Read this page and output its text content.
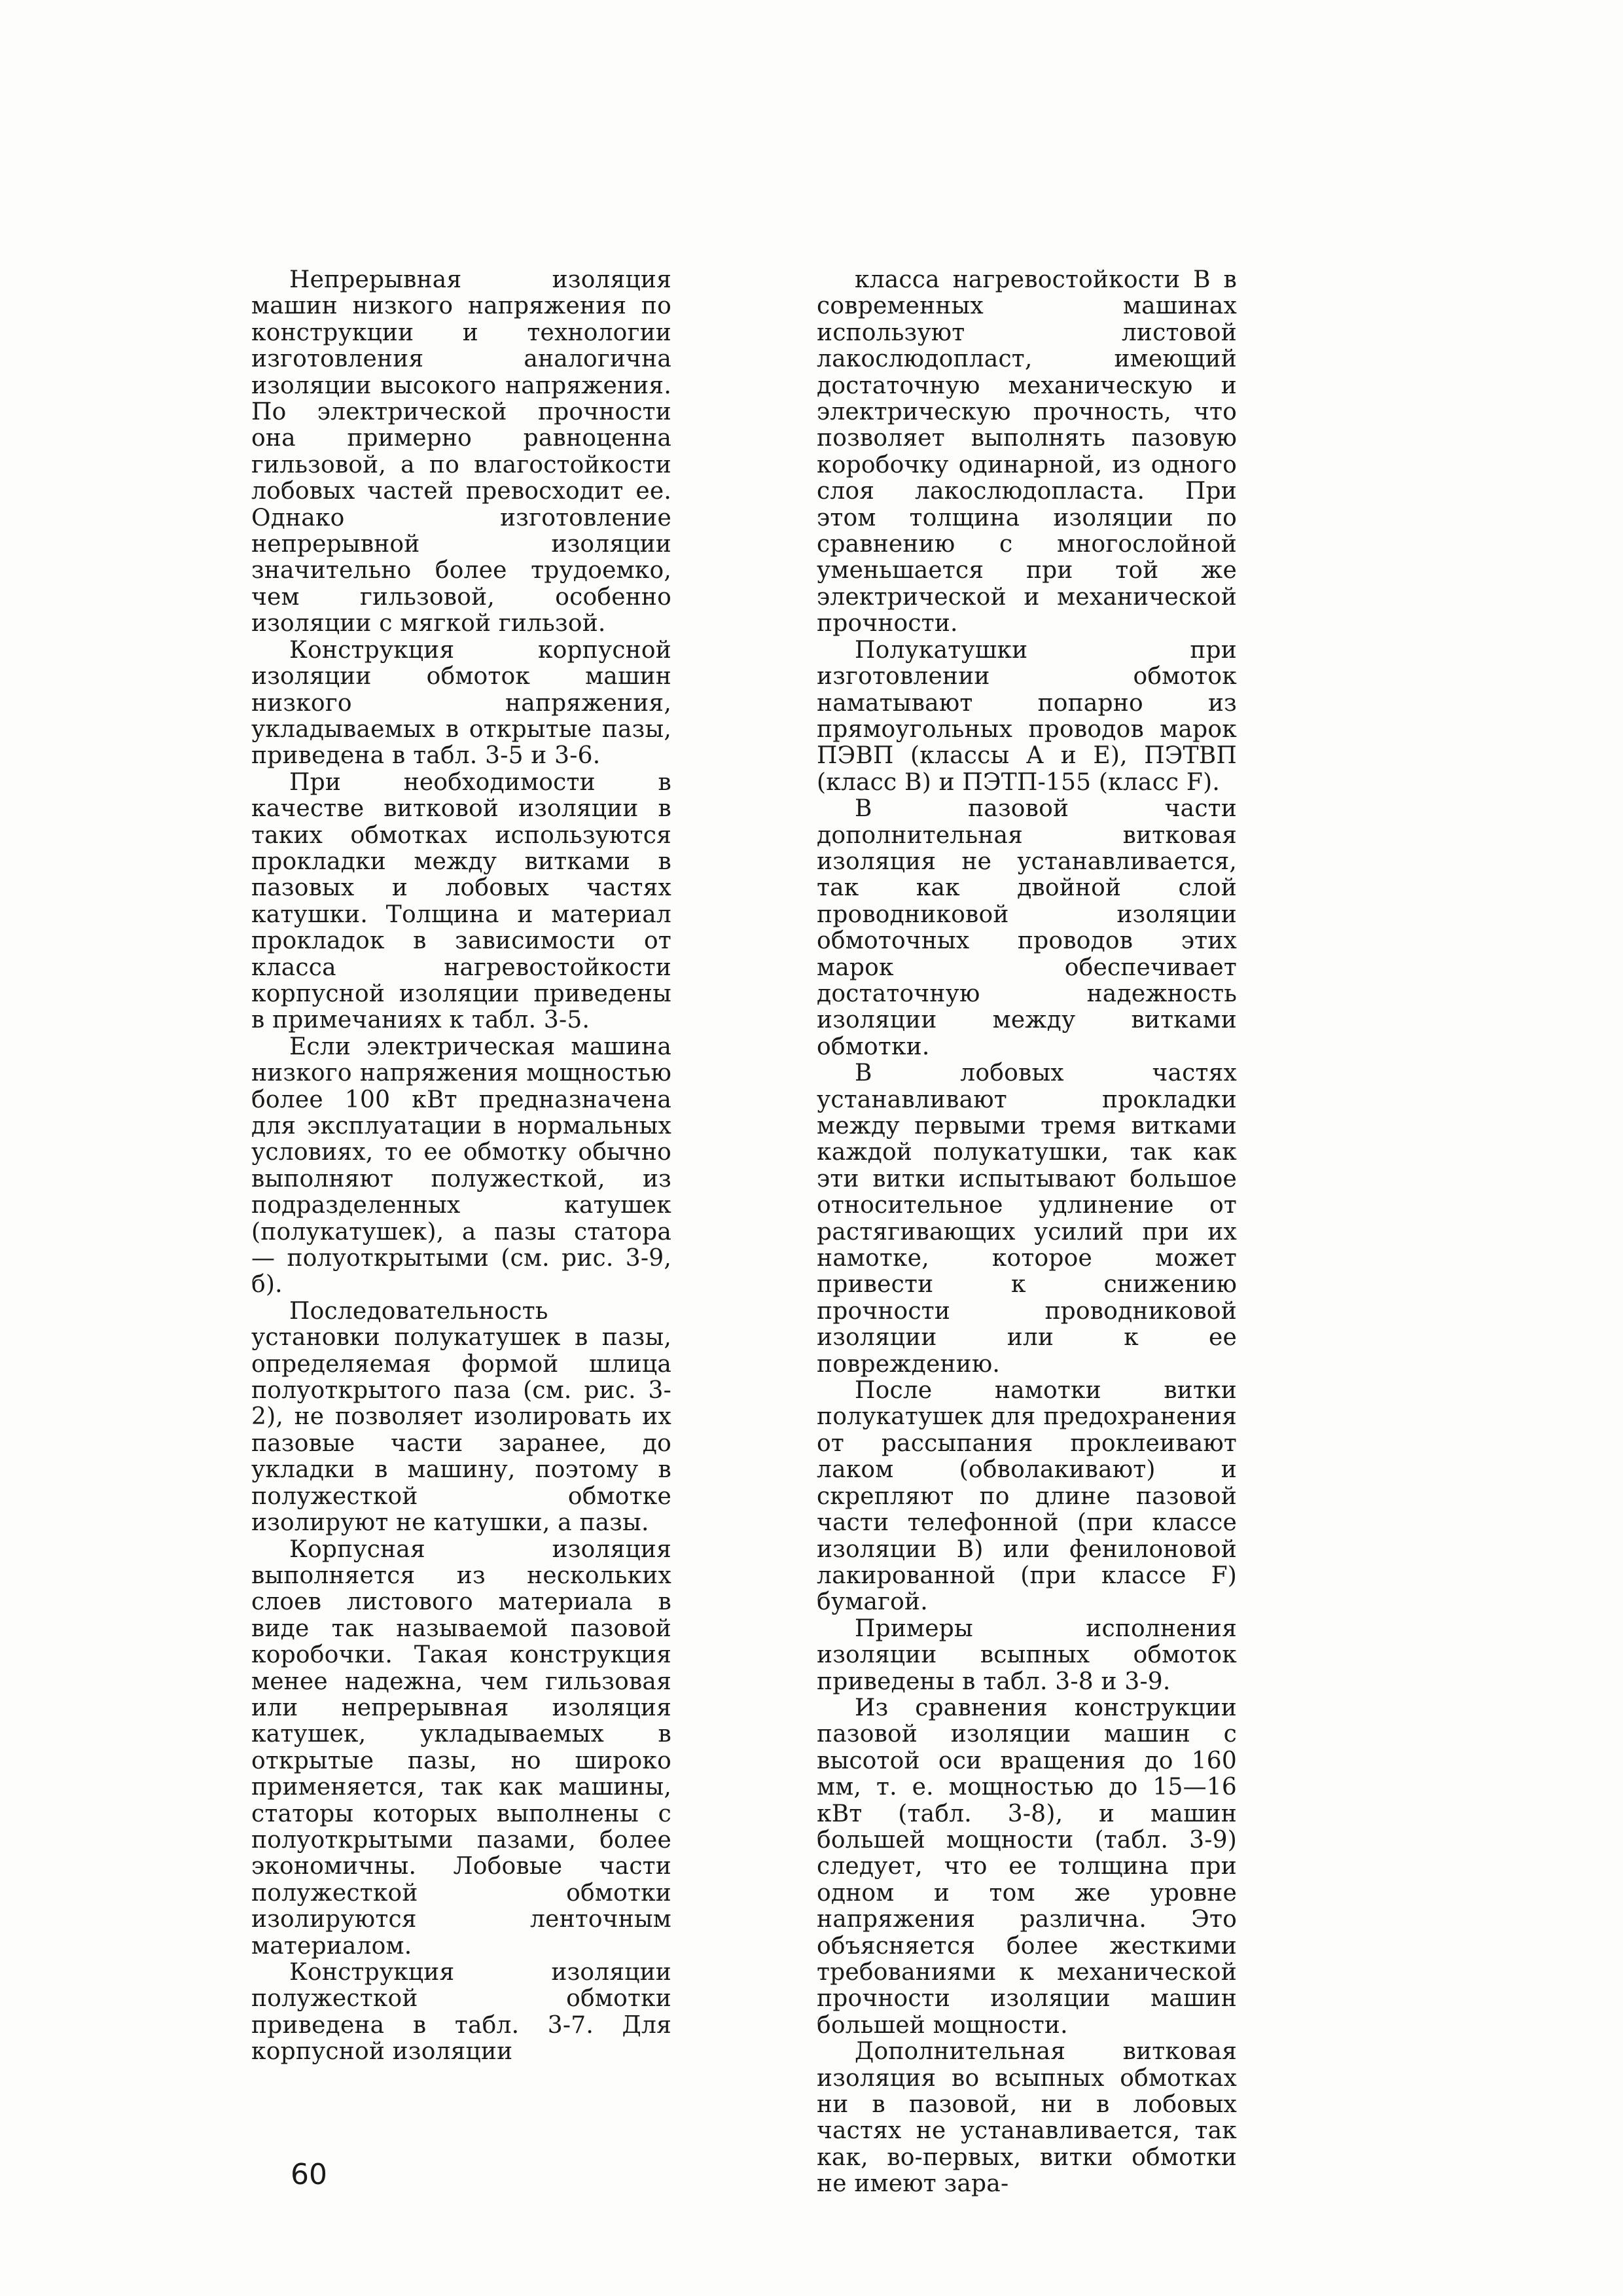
Непрерывная изоляция машин низкого напряжения по конструкции и технологии изготовления аналогична изоляции высокого напряжения. По электрической прочности она примерно равноценна гильзовой, а по влагостойкости лобовых частей превосходит ее. Однако изготовление непрерывной изоляции значительно более трудоемко, чем гильзовой, особенно изоляции с мягкой гильзой.

Конструкция корпусной изоляции обмоток машин низкого напряжения, укладываемых в открытые пазы, приведена в табл. 3-5 и 3-6.

При необходимости в качестве витковой изоляции в таких обмотках используются прокладки между витками в пазовых и лобовых частях катушки. Толщина и материал прокладок в зависимости от класса нагревостойкости корпусной изоляции приведены в примечаниях к табл. 3-5.

Если электрическая машина низкого напряжения мощностью более 100 кВт предназначена для эксплуатации в нормальных условиях, то ее обмотку обычно выполняют полужесткой, из подразделенных катушек (полукатушек), а пазы статора — полуоткрытыми (см. рис. 3-9, б).

Последовательность установки полукатушек в пазы, определяемая формой шлица полуоткрытого паза (см. рис. 3-2), не позволяет изолировать их пазовые части заранее, до укладки в машину, поэтому в полужесткой обмотке изолируют не катушки, а пазы.

Корпусная изоляция выполняется из нескольких слоев листового материала в виде так называемой пазовой коробочки. Такая конструкция менее надежна, чем гильзовая или непрерывная изоляция катушек, укладываемых в открытые пазы, но широко применяется, так как машины, статоры которых выполнены с полуоткрытыми пазами, более экономичны. Лобовые части полужесткой обмотки изолируются ленточным материалом.

Конструкция изоляции полужесткой обмотки приведена в табл. 3-7. Для корпусной изоляции

класса нагревостойкости В в современных машинах используют листовой лакослюдопласт, имеющий достаточную механическую и электрическую прочность, что позволяет выполнять пазовую коробочку одинарной, из одного слоя лакослюдопласта. При этом толщина изоляции по сравнению с многослойной уменьшается при той же электрической и механической прочности.

Полукатушки при изготовлении обмоток наматывают попарно из прямоугольных проводов марок ПЭВП (классы А и Е), ПЭТВП (класс В) и ПЭТП-155 (класс F).

В пазовой части дополнительная витковая изоляция не устанавливается, так как двойной слой проводниковой изоляции обмоточных проводов этих марок обеспечивает достаточную надежность изоляции между витками обмотки.

В лобовых частях устанавливают прокладки между первыми тремя витками каждой полукатушки, так как эти витки испытывают большое относительное удлинение от растягивающих усилий при их намотке, которое может привести к снижению прочности проводниковой изоляции или к ее повреждению.

После намотки витки полукатушек для предохранения от рассыпания проклеивают лаком (обволакивают) и скрепляют по длине пазовой части телефонной (при классе изоляции В) или фенилоновой лакированной (при классе F) бумагой.

Примеры исполнения изоляции всыпных обмоток приведены в табл. 3-8 и 3-9.

Из сравнения конструкции пазовой изоляции машин с высотой оси вращения до 160 мм, т. е. мощностью до 15—16 кВт (табл. 3-8), и машин большей мощности (табл. 3-9) следует, что ее толщина при одном и том же уровне напряжения различна. Это объясняется более жесткими требованиями к механической прочности изоляции машин большей мощности.

Дополнительная витковая изоляция во всыпных обмотках ни в пазовой, ни в лобовых частях не устанавливается, так как, во-первых, витки обмотки не имеют зара-

60
